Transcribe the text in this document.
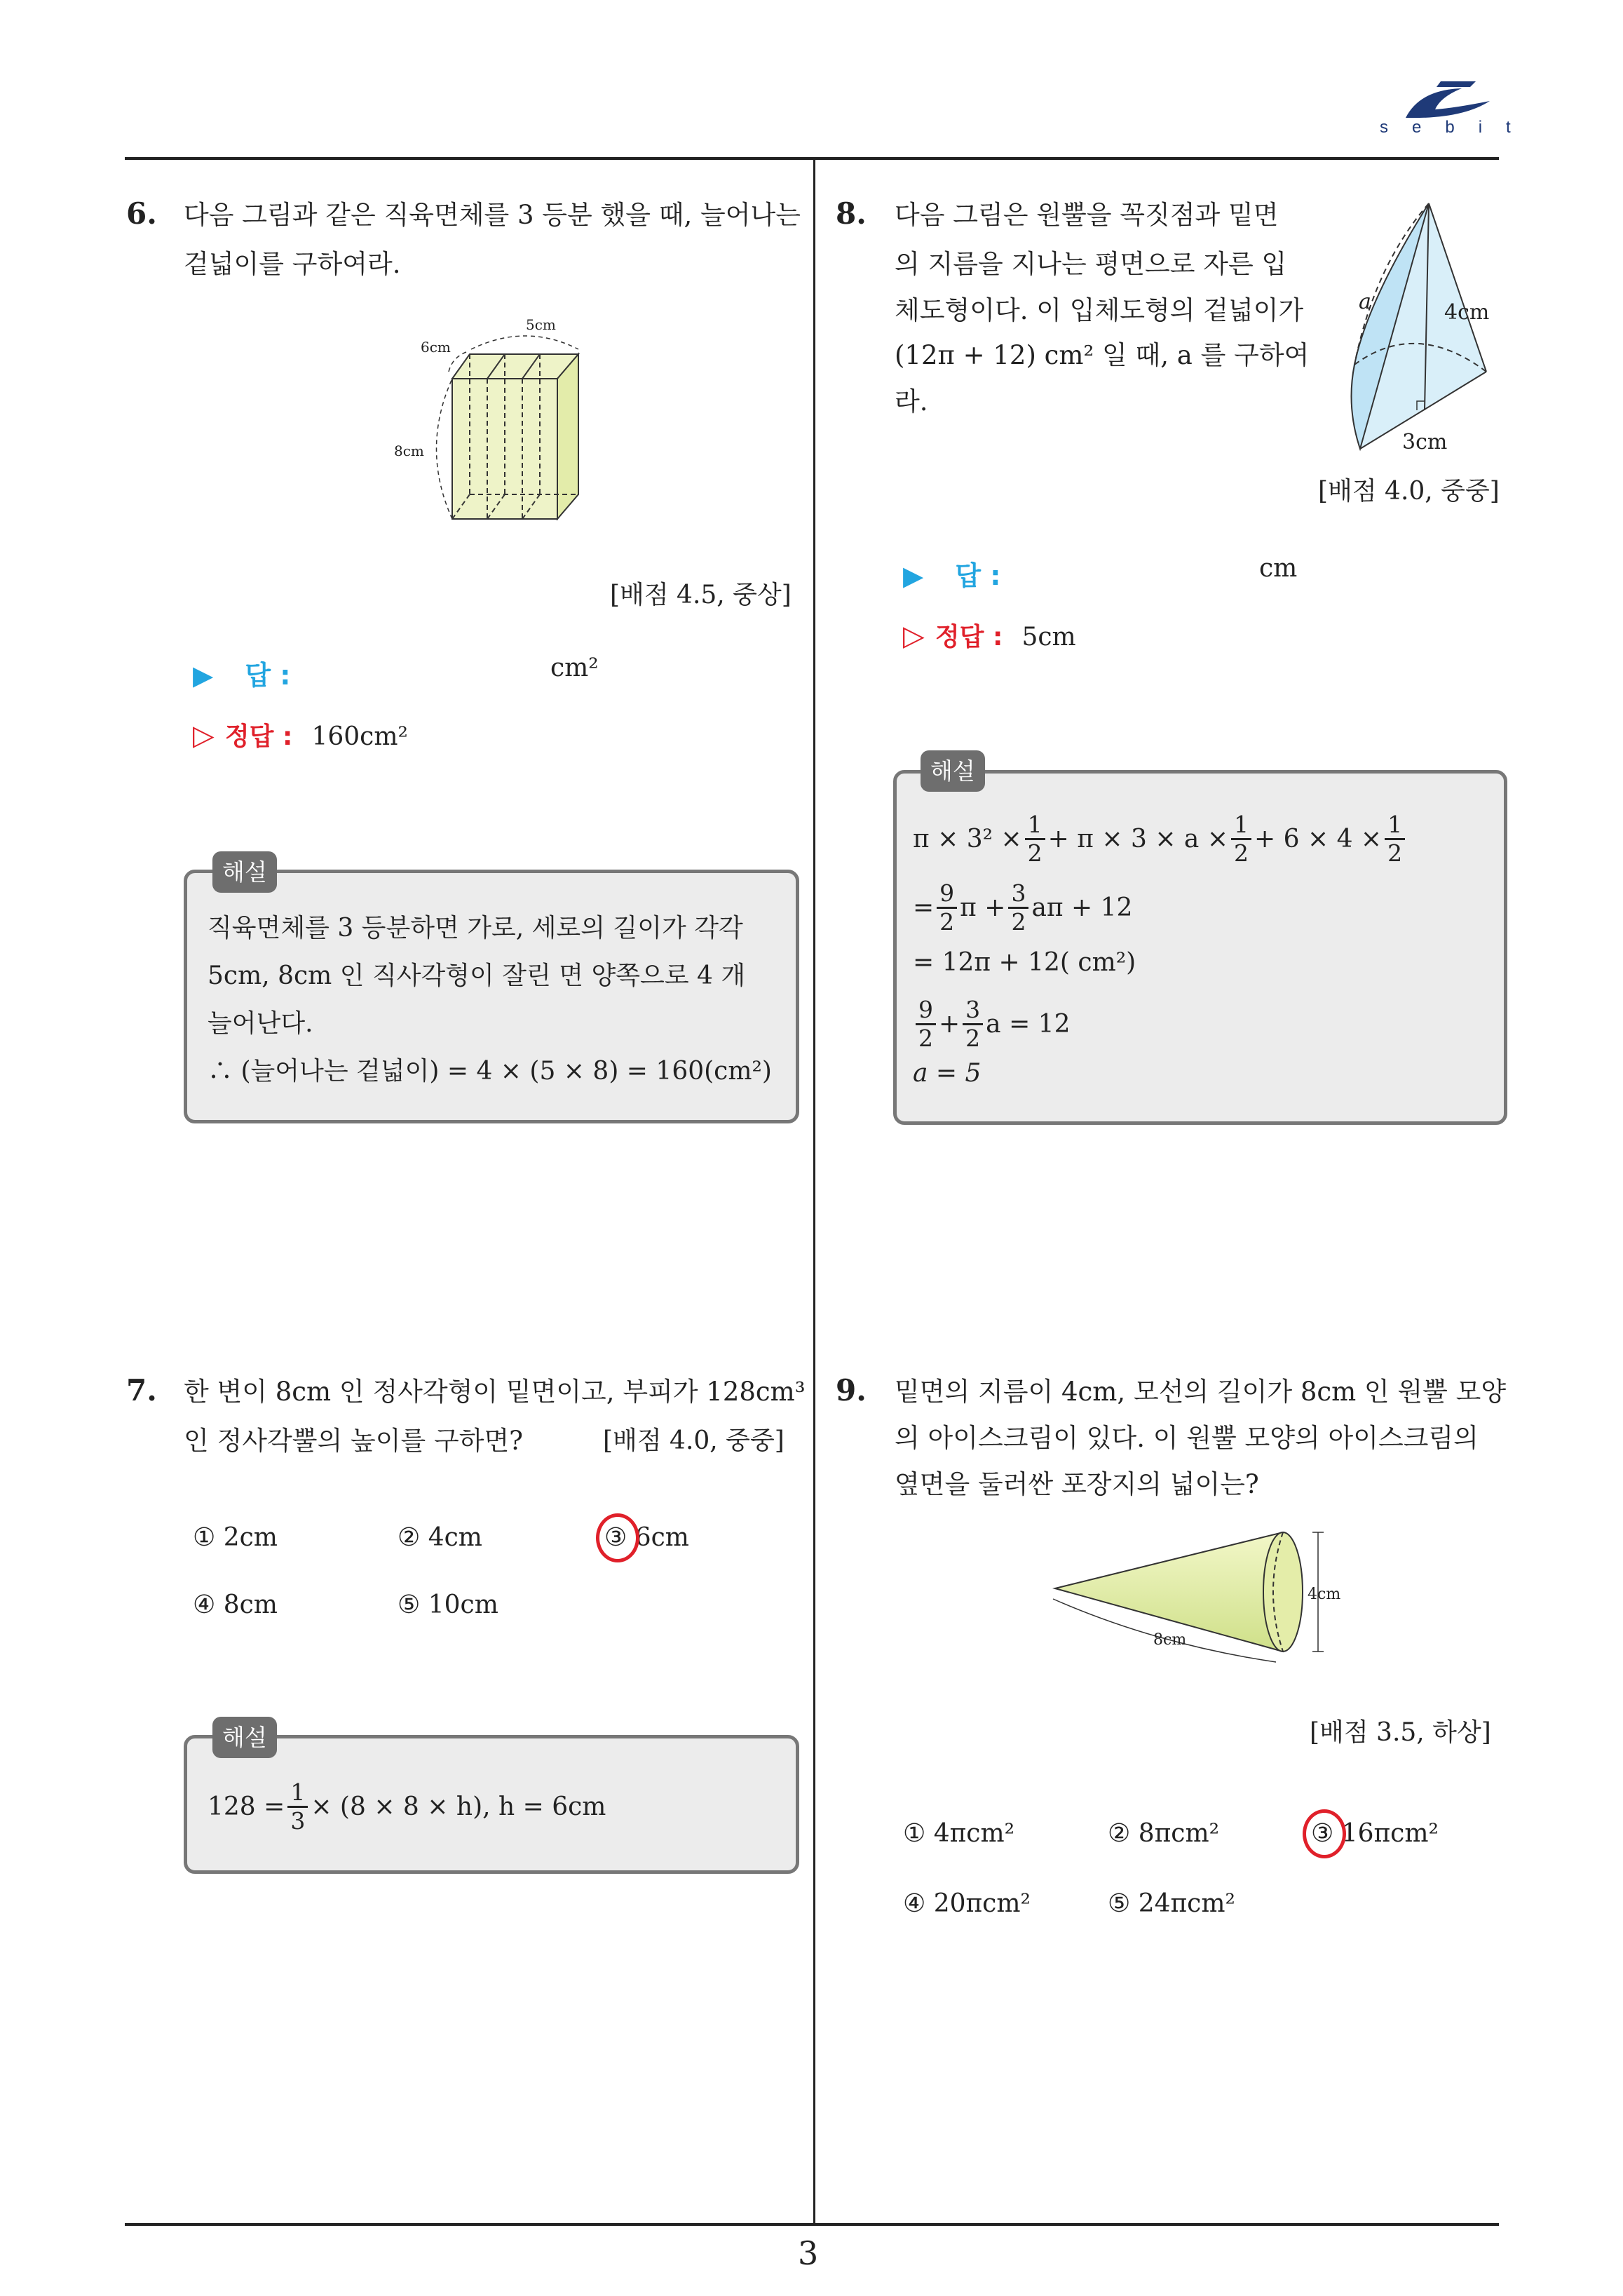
sebit
6. 다음 그림과 같은 직육면체를 3 등분 했을 때, 늘어나는
겉넓이를 구하여라.
5cm
6cm
8cm
[배점 4.5, 중상]
▶ 답 :	cm²
▷ 정답 : 160cm²
해설
직육면체를 3 등분하면 가로, 세로의 길이가 각각
5cm, 8cm 인 직사각형이 잘린 면 양쪽으로 4 개
늘어난다.
∴ (늘어나는 겉넓이) = 4 × (5 × 8) = 160(cm²)
7. 한 변이 8cm 인 정사각형이 밑면이고, 부피가 128cm³
인 정사각뿔의 높이를 구하면?	[배점 4.0, 중중]
① 2cm	② 4cm	③ 6cm
④ 8cm	⑤ 10cm
해설
$128 = \frac{1}{3} \times (8 \times 8 \times h)$, h = 6cm
8. 다음 그림은 원뿔을 꼭짓점과 밑면
의 지름을 지나는 평면으로 자른 입
체도형이다. 이 입체도형의 겉넓이가
(12π + 12) cm² 일 때, a 를 구하여
라.
a	4cm
3cm
[배점 4.0, 중중]
▶ 답 :	cm
▷ 정답 : 5cm
해설
$\pi \times 3^2 \times \frac{1}{2} + \pi \times 3 \times a \times \frac{1}{2} + 6 \times 4 \times \frac{1}{2}$
= $\frac{9}{2}$ $\pi + \frac{3}{2}$ aπ + 12
= 12π + 12( cm²)
$\frac{9}{2} + \frac{3}{2}$ a = 12
a = 5
9. 밑면의 지름이 4cm, 모선의 길이가 8cm 인 원뿔 모양
의 아이스크림이 있다. 이 원뿔 모양의 아이스크림의
옆면을 둘러싼 포장지의 넓이는?
4cm
8cm
[배점 3.5, 하상]
① 4πcm²	② 8πcm²	③ 16πcm²
④ 20πcm²	⑤ 24πcm²
3
